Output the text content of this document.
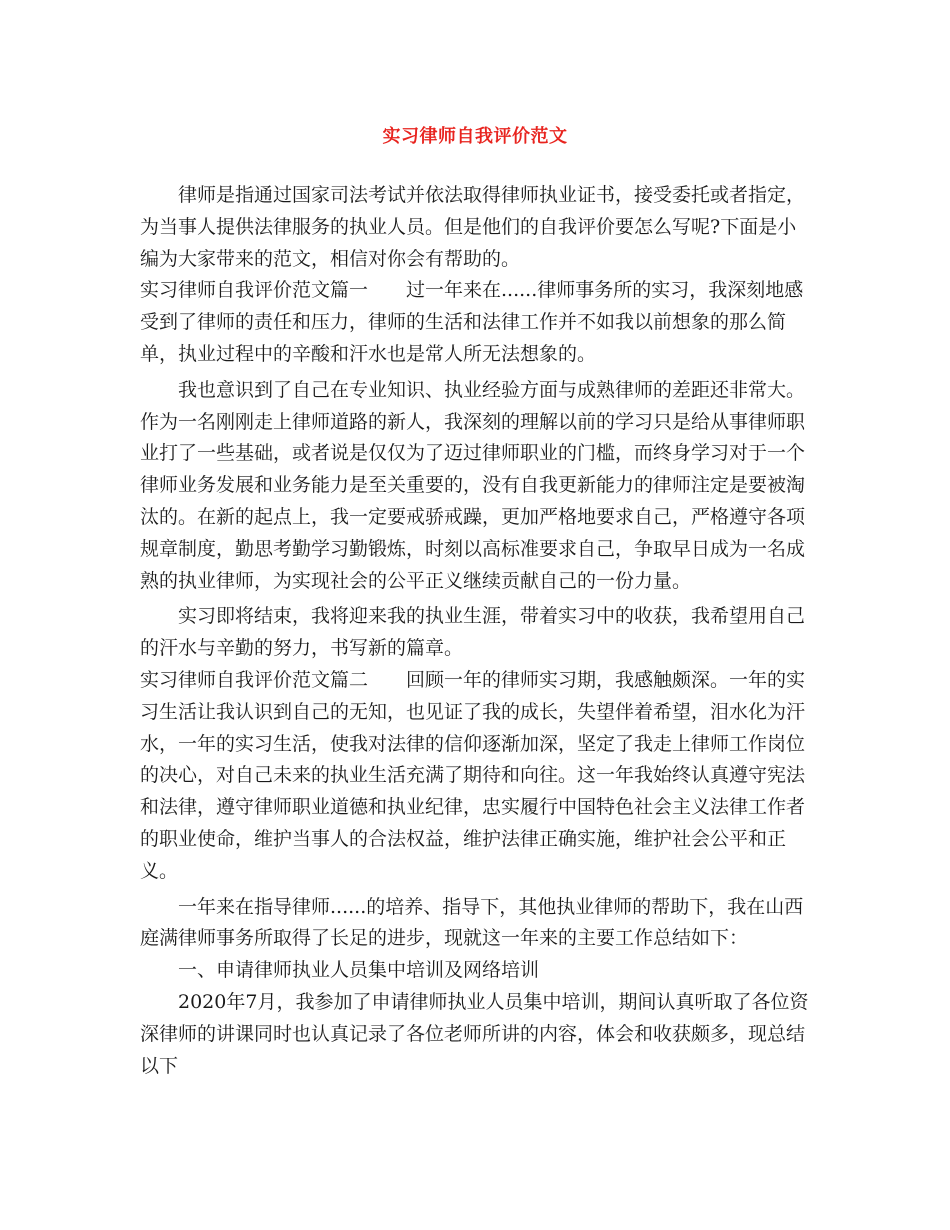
实习律师自我评价范文

律师是指通过国家司法考试并依法取得律师执业证书，接受委托或者指定，为当事人提供法律服务的执业人员。但是他们的自我评价要怎么写呢?下面是小编为大家带来的范文，相信对你会有帮助的。

实习律师自我评价范文篇一　　过一年来在......律师事务所的实习，我深刻地感受到了律师的责任和压力，律师的生活和法律工作并不如我以前想象的那么简单，执业过程中的辛酸和汗水也是常人所无法想象的。

我也意识到了自己在专业知识、执业经验方面与成熟律师的差距还非常大。作为一名刚刚走上律师道路的新人，我深刻的理解以前的学习只是给从事律师职业打了一些基础，或者说是仅仅为了迈过律师职业的门槛，而终身学习对于一个律师业务发展和业务能力是至关重要的，没有自我更新能力的律师注定是要被淘汰的。在新的起点上，我一定要戒骄戒躁，更加严格地要求自己，严格遵守各项规章制度，勤思考勤学习勤锻炼，时刻以高标准要求自己，争取早日成为一名成熟的执业律师，为实现社会的公平正义继续贡献自己的一份力量。

实习即将结束，我将迎来我的执业生涯，带着实习中的收获，我希望用自己的汗水与辛勤的努力，书写新的篇章。

实习律师自我评价范文篇二　　回顾一年的律师实习期，我感触颇深。一年的实习生活让我认识到自己的无知，也见证了我的成长，失望伴着希望，泪水化为汗水，一年的实习生活，使我对法律的信仰逐渐加深，坚定了我走上律师工作岗位的决心，对自己未来的执业生活充满了期待和向往。这一年我始终认真遵守宪法和法律，遵守律师职业道德和执业纪律，忠实履行中国特色社会主义法律工作者的职业使命，维护当事人的合法权益，维护法律正确实施，维护社会公平和正义。

一年来在指导律师......的培养、指导下，其他执业律师的帮助下，我在山西庭满律师事务所取得了长足的进步，现就这一年来的主要工作总结如下：

一、申请律师执业人员集中培训及网络培训

2020年7月，我参加了申请律师执业人员集中培训，期间认真听取了各位资深律师的讲课同时也认真记录了各位老师所讲的内容，体会和收获颇多，现总结以下
